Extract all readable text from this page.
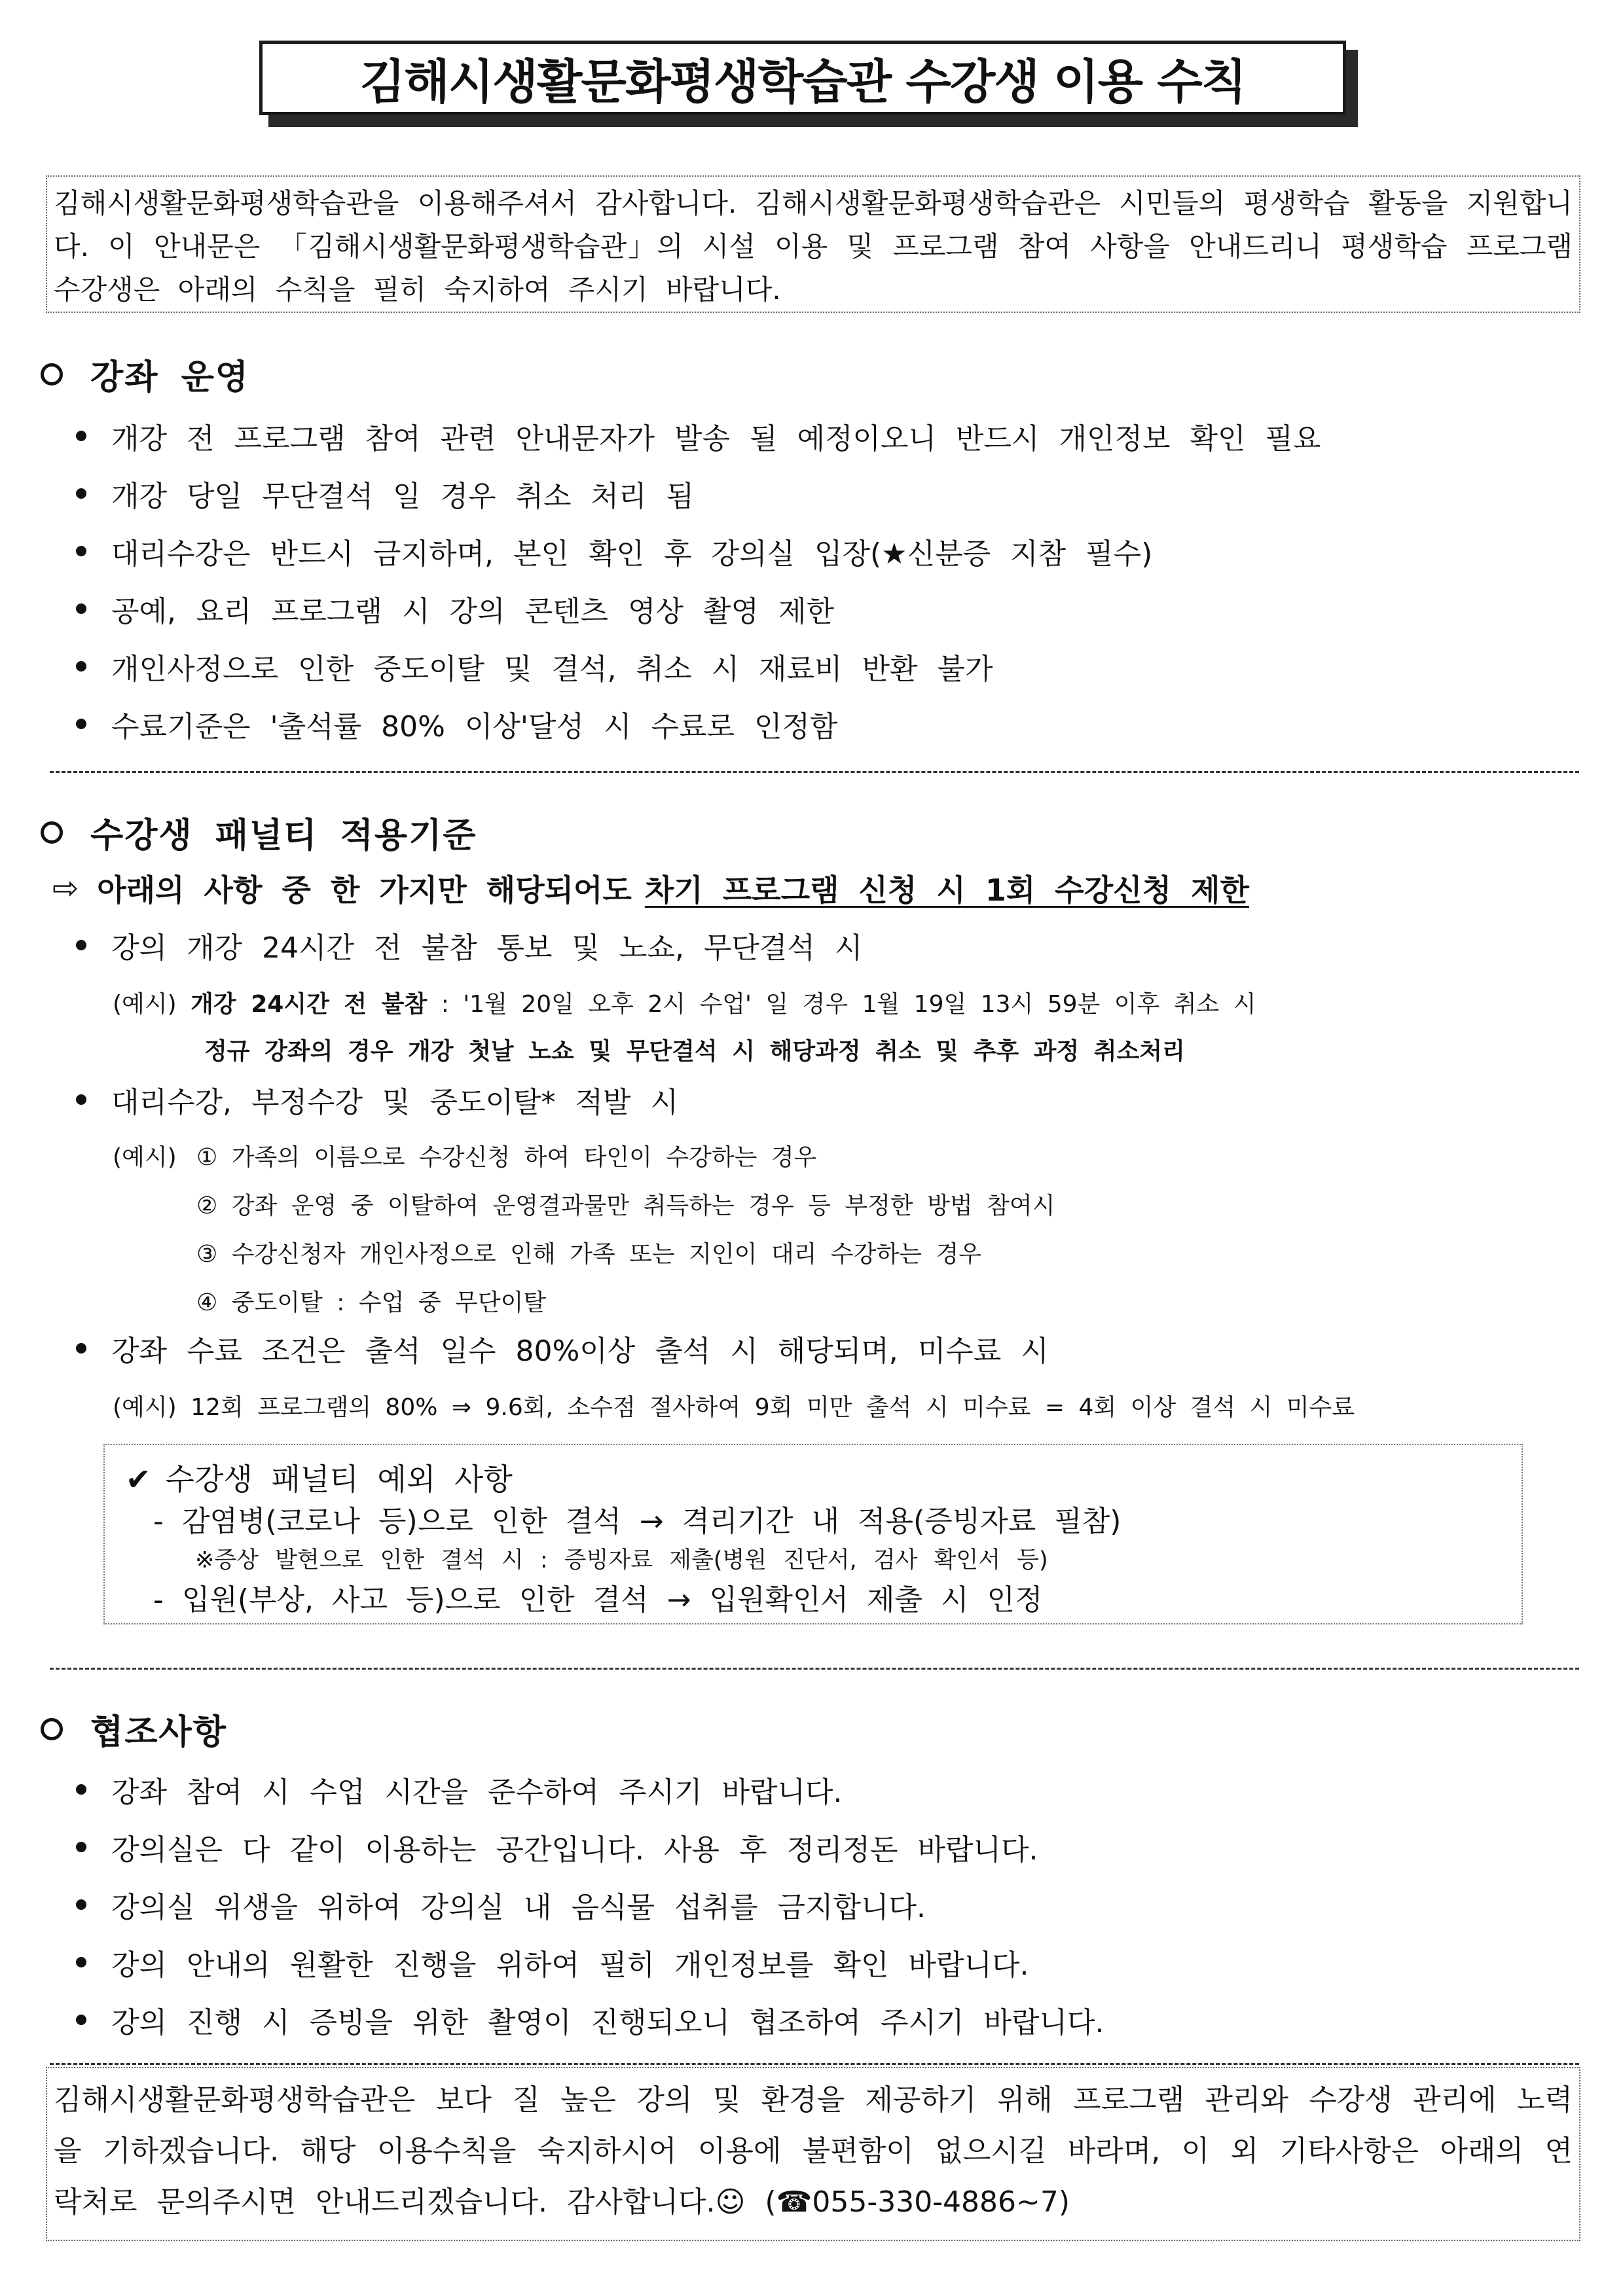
김해시생활문화평생학습관 수강생 이용 수칙
김해시생활문화평생학습관을 이용해주셔서 감사합니다. 김해시생활문화평생학습관은 시민들의 평생학습 활동을 지원합니다. 이 안내문은 「김해시생활문화평생학습관」의 시설 이용 및 프로그램 참여 사항을 안내드리니 평생학습 프로그램 수강생은 아래의 수칙을 필히 숙지하여 주시기 바랍니다.
강좌 운영
개강 전 프로그램 참여 관련 안내문자가 발송 될 예정이오니 반드시 개인정보 확인 필요
개강 당일 무단결석 일 경우 취소 처리 됨
대리수강은 반드시 금지하며, 본인 확인 후 강의실 입장(★신분증 지참 필수)
공예, 요리 프로그램 시 강의 콘텐츠 영상 촬영 제한
개인사정으로 인한 중도이탈 및 결석, 취소 시 재료비 반환 불가
수료기준은 '출석률 80% 이상'달성 시 수료로 인정함
수강생 패널티 적용기준
⇨ 아래의 사항 중 한 가지만 해당되어도 차기 프로그램 신청 시 1회 수강신청 제한
강의 개강 24시간 전 불참 통보 및 노쇼, 무단결석 시
(예시) 개강 24시간 전 불참 : '1월 20일 오후 2시 수업' 일 경우 1월 19일 13시 59분 이후 취소 시
정규 강좌의 경우 개강 첫날 노쇼 및 무단결석 시 해당과정 취소 및 추후 과정 취소처리
대리수강, 부정수강 및 중도이탈* 적발 시
(예시) ① 가족의 이름으로 수강신청 하여 타인이 수강하는 경우
② 강좌 운영 중 이탈하여 운영결과물만 취득하는 경우 등 부정한 방법 참여시
③ 수강신청자 개인사정으로 인해 가족 또는 지인이 대리 수강하는 경우
④ 중도이탈 : 수업 중 무단이탈
강좌 수료 조건은 출석 일수 80%이상 출석 시 해당되며, 미수료 시
(예시) 12회 프로그램의 80% ⇒ 9.6회, 소수점 절사하여 9회 미만 출석 시 미수료 = 4회 이상 결석 시 미수료
✔ 수강생 패널티 예외 사항
- 감염병(코로나 등)으로 인한 결석 → 격리기간 내 적용(증빙자료 필참)
※증상 발현으로 인한 결석 시 : 증빙자료 제출(병원 진단서, 검사 확인서 등)
- 입원(부상, 사고 등)으로 인한 결석 → 입원확인서 제출 시 인정
협조사항
강좌 참여 시 수업 시간을 준수하여 주시기 바랍니다.
강의실은 다 같이 이용하는 공간입니다. 사용 후 정리정돈 바랍니다.
강의실 위생을 위하여 강의실 내 음식물 섭취를 금지합니다.
강의 안내의 원활한 진행을 위하여 필히 개인정보를 확인 바랍니다.
강의 진행 시 증빙을 위한 촬영이 진행되오니 협조하여 주시기 바랍니다.
김해시생활문화평생학습관은 보다 질 높은 강의 및 환경을 제공하기 위해 프로그램 관리와 수강생 관리에 노력을 기하겠습니다. 해당 이용수칙을 숙지하시어 이용에 불편함이 없으시길 바라며, 이 외 기타사항은 아래의 연락처로 문의주시면 안내드리겠습니다. 감사합니다.☺ (☎055-330-4886~7)
